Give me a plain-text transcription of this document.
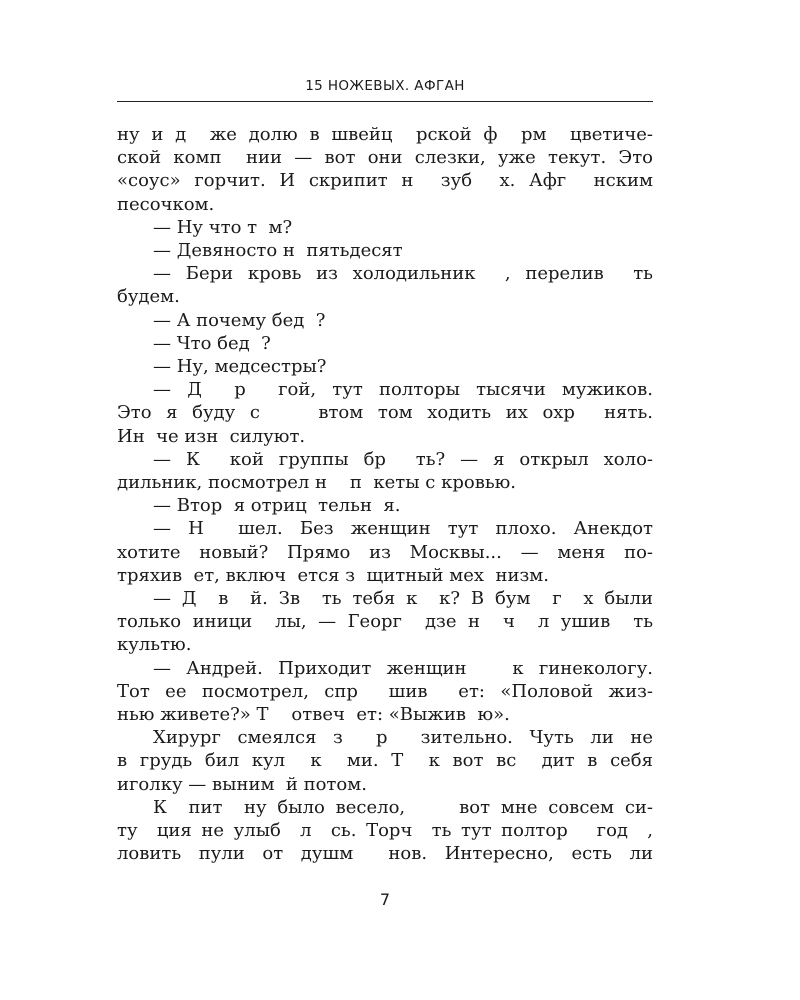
15 НОЖЕВЫХ. АФГАН
ну и д  же долю в швейц  рской ф  рм  цветиче-
ской комп  нии — вот они слезки, уже текут. Это
«соус» горчит. И скрипит н  зуб  х. Афг  нским
песочком.
— Ну что т  м?
— Девяносто н  пятьдесят
— Бери кровь из холодильник  , перелив  ть
будем.
— А почему бед  ?
— Что бед  ?
— Ну, медсестры?
— Д  р  гой, тут полторы тысячи мужиков.
Это я буду с    втом том ходить их охр  нять.
Ин  че изн  силуют.
— К  кой группы бр  ть? — я открыл холо-
дильник, посмотрел н    п  кеты с кровью.
— Втор  я отриц  тельн  я.
— Н  шел. Без женщин тут плохо. Анекдот
хотите новый? Прямо из Москвы... — меня по-
тряхив  ет, включ  ется з  щитный мех  низм.
— Д  в  й. Зв  ть тебя к  к? В бум  г  х были
только иници  лы, — Георг  дзе н  ч  л ушив  ть
культю.
— Андрей. Приходит женщин   к гинекологу.
Тот ее посмотрел, спр  шив  ет: «Половой жиз-
нью живете?» Т    отвеч  ет: «Выжив  ю».
Хирург смеялся з  р  зительно. Чуть ли не
в грудь бил кул  к  ми. Т  к вот вс  дит в себя
иголку — выним  й потом.
К  пит  ну было весело,     вот мне совсем си-
ту  ция не улыб  л  сь. Торч  ть тут полтор   год  ,
ловить пули от душм  нов. Интересно, есть ли
7
